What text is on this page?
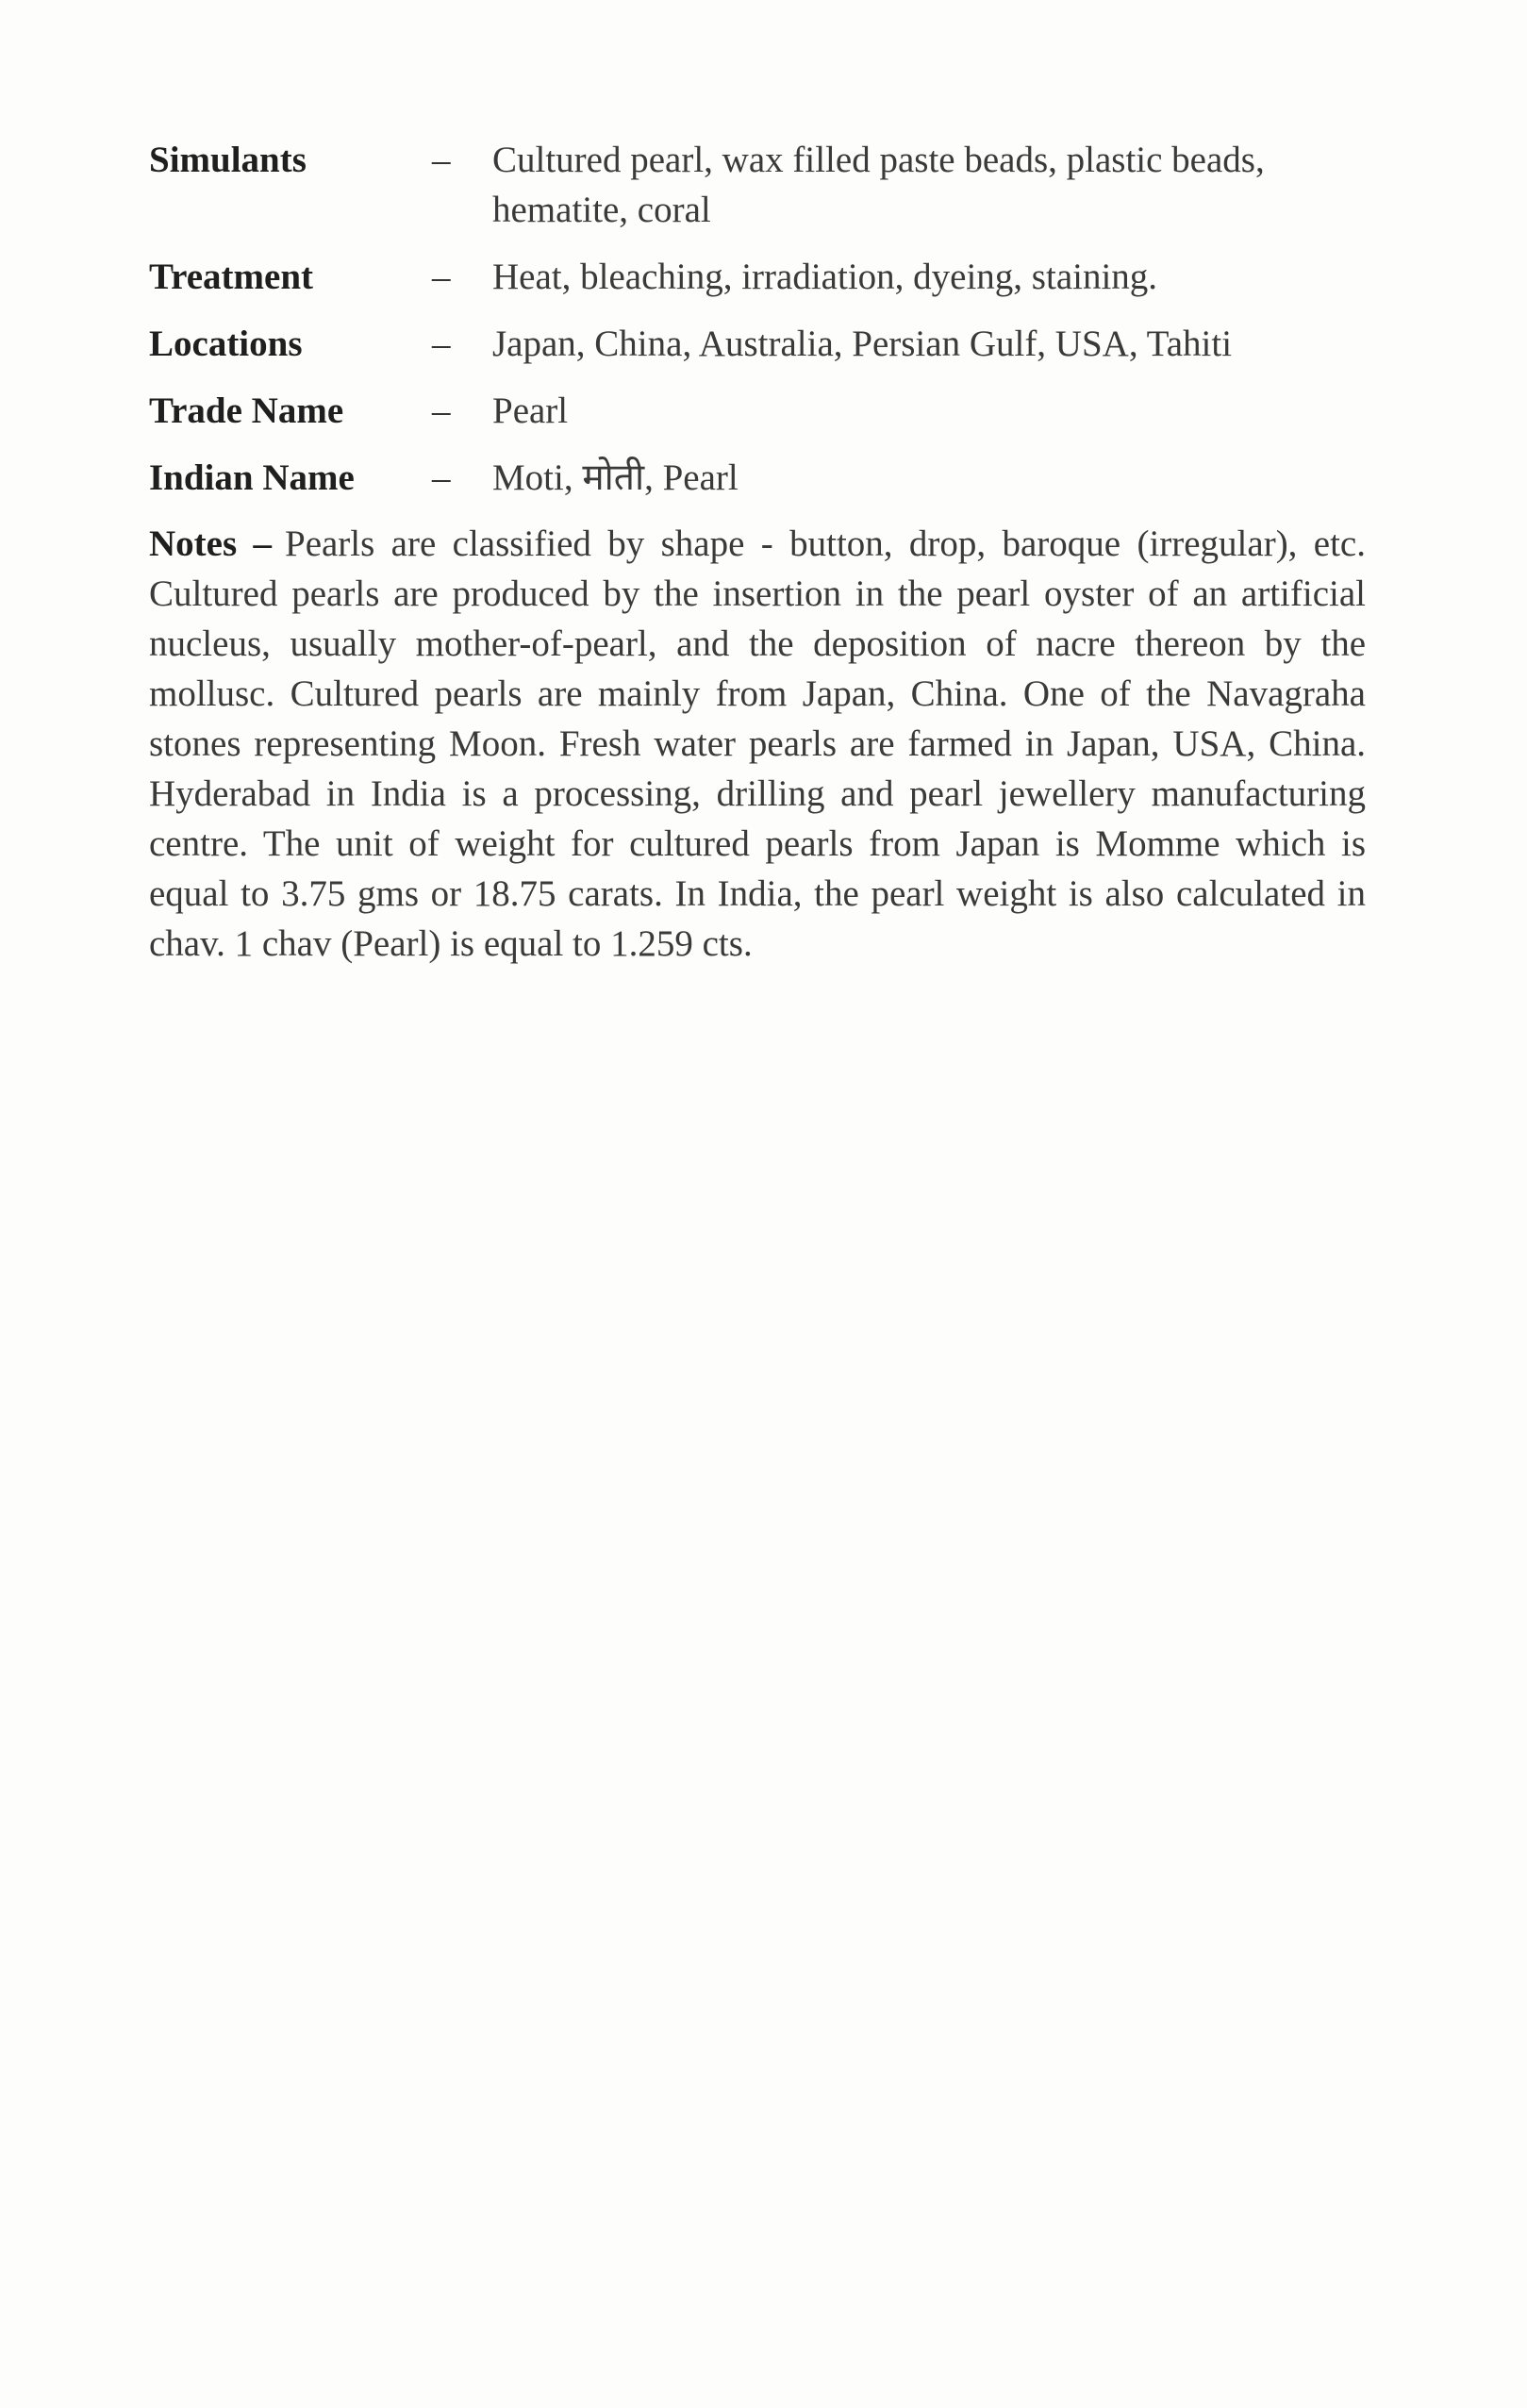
Simulants	–	Cultured pearl, wax filled paste beads, plastic beads, hematite, coral
Treatment	–	Heat, bleaching, irradiation, dyeing, staining.
Locations	–	Japan, China, Australia, Persian Gulf, USA, Tahiti
Trade Name	–	Pearl
Indian Name	–	Moti, मोती, Pearl
Notes – Pearls are classified by shape - button, drop, baroque (irregular), etc. Cultured pearls are produced by the insertion in the pearl oyster of an artificial nucleus, usually mother-of-pearl, and the deposition of nacre thereon by the mollusc. Cultured pearls are mainly from Japan, China. One of the Navagraha stones representing Moon. Fresh water pearls are farmed in Japan, USA, China. Hyderabad in India is a processing, drilling and pearl jewellery manufacturing centre. The unit of weight for cultured pearls from Japan is Momme which is equal to 3.75 gms or 18.75 carats. In India, the pearl weight is also calculated in chav. 1 chav (Pearl) is equal to 1.259 cts.
